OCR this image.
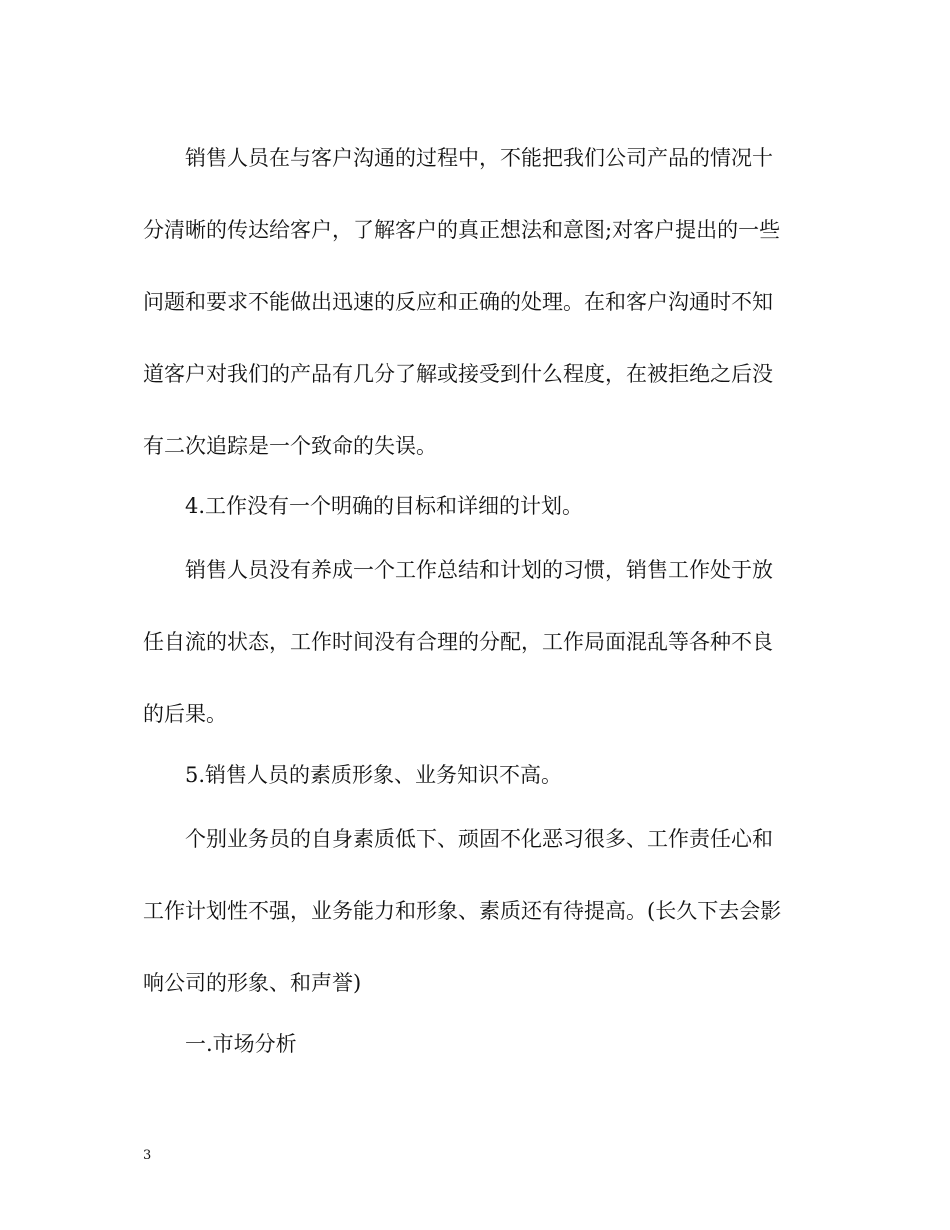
销售人员在与客户沟通的过程中，不能把我们公司产品的情况十

分清晰的传达给客户，了解客户的真正想法和意图;对客户提出的一些

问题和要求不能做出迅速的反应和正确的处理。在和客户沟通时不知

道客户对我们的产品有几分了解或接受到什么程度，在被拒绝之后没

有二次追踪是一个致命的失误。

4.工作没有一个明确的目标和详细的计划。

销售人员没有养成一个工作总结和计划的习惯，销售工作处于放

任自流的状态，工作时间没有合理的分配，工作局面混乱等各种不良

的后果。

5.销售人员的素质形象、业务知识不高。

个别业务员的自身素质低下、顽固不化恶习很多、工作责任心和

工作计划性不强，业务能力和形象、素质还有待提高。(长久下去会影

响公司的形象、和声誉)

一.市场分析

3
